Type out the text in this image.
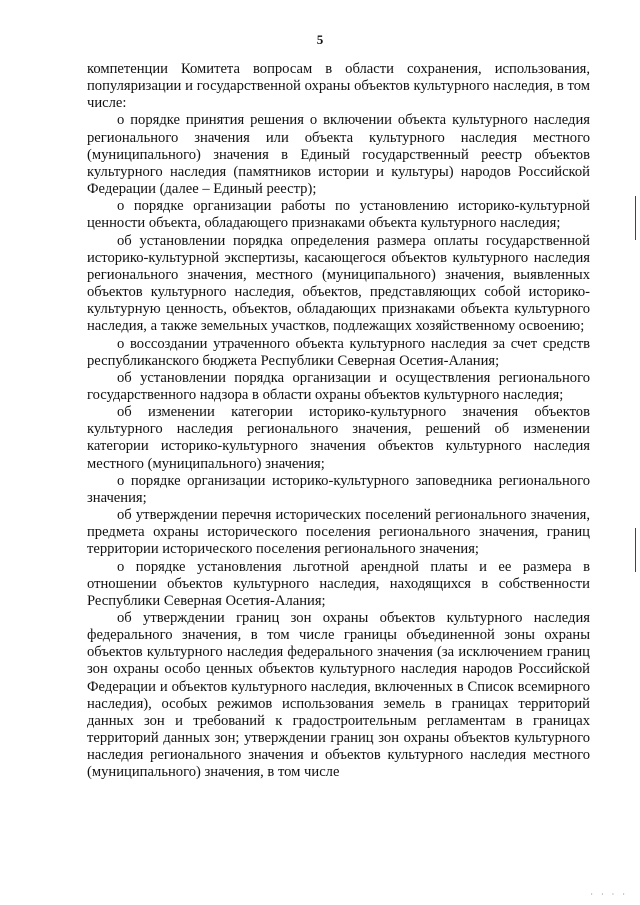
5

компетенции Комитета вопросам в области сохранения, использования, популяризации и государственной охраны объектов культурного наследия, в том числе:

о порядке принятия решения о включении объекта культурного наследия регионального значения или объекта культурного наследия местного (муниципального) значения в Единый государственный реестр объектов культурного наследия (памятников истории и культуры) народов Российской Федерации (далее – Единый реестр);

о порядке организации работы по установлению историко-культурной ценности объекта, обладающего признаками объекта культурного наследия;

об установлении порядка определения размера оплаты государственной историко-культурной экспертизы, касающегося объектов культурного наследия регионального значения, местного (муниципального) значения, выявленных объектов культурного наследия, объектов, представляющих собой историко-культурную ценность, объектов, обладающих признаками объекта культурного наследия, а также земельных участков, подлежащих хозяйственному освоению;

о воссоздании утраченного объекта культурного наследия за счет средств республиканского бюджета Республики Северная Осетия-Алания;

об установлении порядка организации и осуществления регионального государственного надзора в области охраны объектов культурного наследия;

об изменении категории историко-культурного значения объектов культурного наследия регионального значения, решений об изменении категории историко-культурного значения объектов культурного наследия местного (муниципального) значения;

о порядке организации историко-культурного заповедника регионального значения;

об утверждении перечня исторических поселений регионального значения, предмета охраны исторического поселения регионального значения, границ территории исторического поселения регионального значения;

о порядке установления льготной арендной платы и ее размера в отношении объектов культурного наследия, находящихся в собственности Республики Северная Осетия-Алания;

об утверждении границ зон охраны объектов культурного наследия федерального значения, в том числе границы объединенной зоны охраны объектов культурного наследия федерального значения (за исключением границ зон охраны особо ценных объектов культурного наследия народов Российской Федерации и объектов культурного наследия, включенных в Список всемирного наследия), особых режимов использования земель в границах территорий данных зон и требований к градостроительным регламентам в границах территорий данных зон; утверждении границ зон охраны объектов культурного наследия регионального значения и объектов культурного наследия местного (муниципального) значения, в том числе

· · · ·
